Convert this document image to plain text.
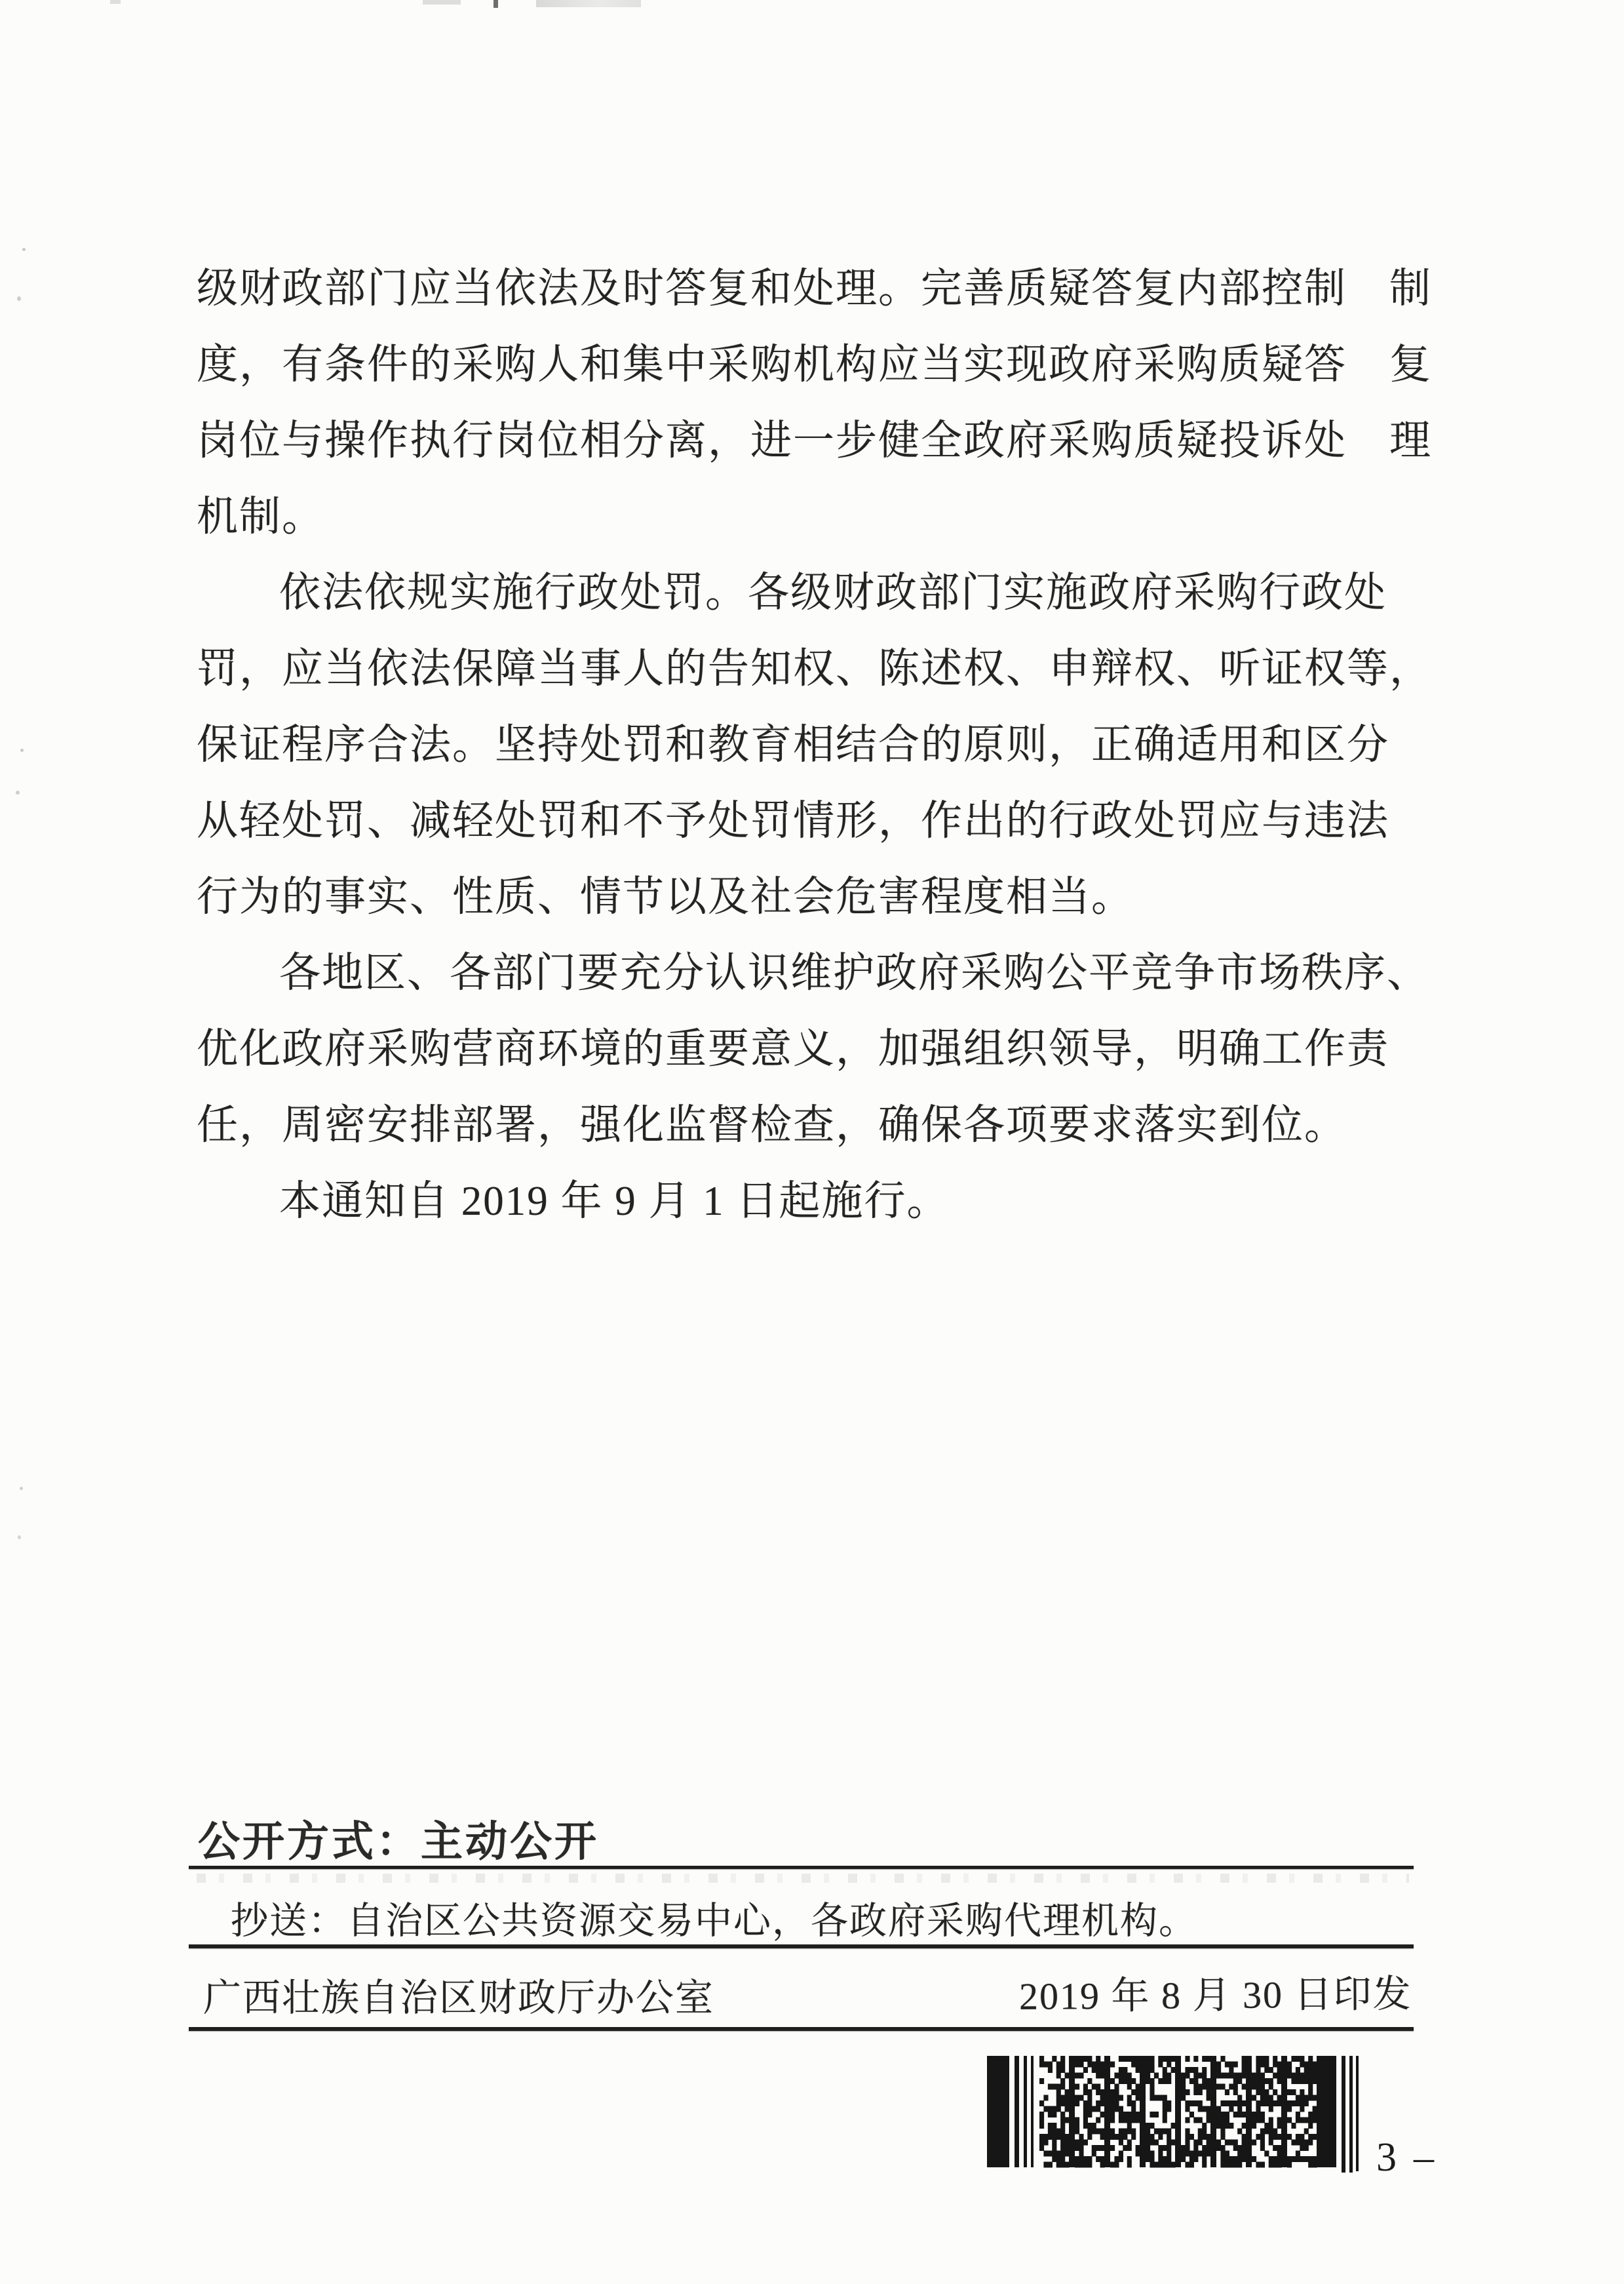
级财政部门应当依法及时答复和处理。完善质疑答复内部控制　制
度，有条件的采购人和集中采购机构应当实现政府采购质疑答　复
岗位与操作执行岗位相分离，进一步健全政府采购质疑投诉处　理
机制。
依法依规实施行政处罚。各级财政部门实施政府采购行政处
罚，应当依法保障当事人的告知权、陈述权、申辩权、听证权等，
保证程序合法。坚持处罚和教育相结合的原则，正确适用和区分
从轻处罚、减轻处罚和不予处罚情形，作出的行政处罚应与违法
行为的事实、性质、情节以及社会危害程度相当。
各地区、各部门要充分认识维护政府采购公平竞争市场秩序、
优化政府采购营商环境的重要意义，加强组织领导，明确工作责
任，周密安排部署，强化监督检查，确保各项要求落实到位。
本通知自 2019 年 9 月 1 日起施行。
公开方式：主动公开
抄送：自治区公共资源交易中心，各政府采购代理机构。
广西壮族自治区财政厅办公室	2019 年 8 月 30 日印发
3 –
